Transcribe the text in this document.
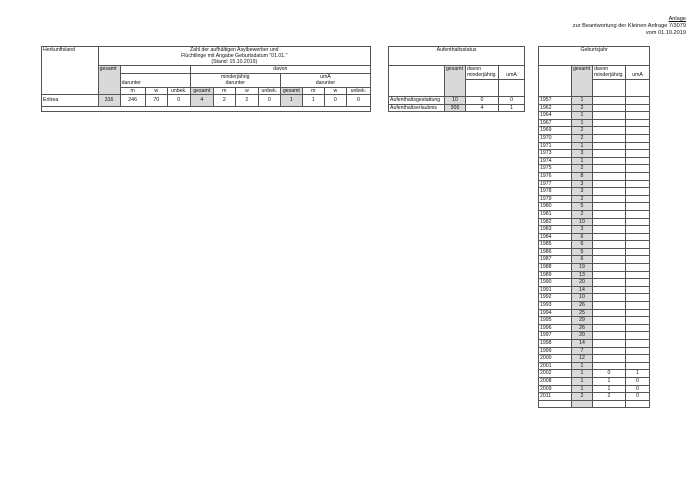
Anlage
zur Beantwortung der Kleinen Anfrage 7/3079
vom 01.10.2019
Herkunftsland	Zahl der aufhältigen Asylbewerber und
Flüchtlinge mit Angabe Geburtsdatum "01.01."
(Stand: 15.10.2019)											

	gesamt				davon							
		darunter			minderjährig
darunter				umA
darunter			
		m	w	unbek.	gesamt	m	w	unbek.	gesamt	m	w	unbek.
Eritrea	316	246	70	0	4	2	2	0	1	1	0	0

Aufenthaltsstatus			
	gesamt	davon
minderjährig	umA

Aufenthaltsgestattung	10	0	0
Aufenthaltserlaubnis	306	4	1
Geburtsjahr			
	gesamt	davon
minderjährig	umA

1957	1		
1962	2		
1964	1		
1967	1		
1969	2		
1970	2		
1971	1		
1973	3		
1974	1		
1975	2		
1976	8		
1977	3		
1978	3		
1979	2		
1980	5		
1981	2		
1982	10		
1983	3		
1984	6		
1985	6		
1986	5		
1987	6		
1988	19		
1989	13		
1990	20		
1991	14		
1992	10		
1993	26		
1994	25		
1995	29		
1996	26		
1997	20		
1998	14		
1999	7		
2000	12		
2001	1		
2002	1	0	1
2008	1	1	0
2009	1	1	0
2011	2	2	0
